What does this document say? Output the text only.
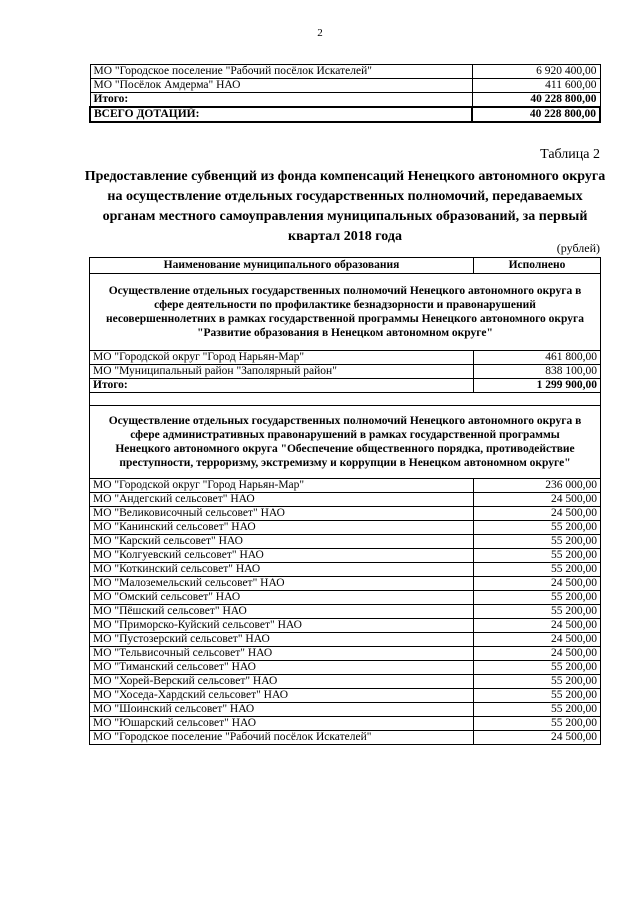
2
МО "Городское поселение "Рабочий посёлок Искателей"	6 920 400,00
МО "Посёлок Амдерма" НАО	411 600,00
Итого:	40 228 800,00
ВСЕГО ДОТАЦИЙ:	40 228 800,00
Таблица 2
Предоставление субвенций из фонда компенсаций Ненецкого автономного округа на осуществление отдельных государственных полномочий, передаваемых органам местного самоуправления муниципальных образований, за первый квартал 2018 года
(рублей)
Наименование муниципального образования	Исполнено
Осуществление отдельных государственных полномочий Ненецкого автономного округа в сфере деятельности по профилактике безнадзорности и правонарушений несовершеннолетних в рамках государственной программы Ненецкого автономного округа "Развитие образования в Ненецком автономном округе"	
МО "Городской округ "Город Нарьян-Мар"	461 800,00
МО "Муниципальный район "Заполярный район"	838 100,00
Итого:	1 299 900,00

Осуществление отдельных государственных полномочий Ненецкого автономного округа в сфере административных правонарушений в рамках государственной программы Ненецкого автономного округа "Обеспечение общественного порядка, противодействие преступности, терроризму, экстремизму и коррупции в Ненецком автономном округе"	
МО "Городской округ "Город Нарьян-Мар"	236 000,00
МО "Андегский сельсовет" НАО	24 500,00
МО "Великовисочный сельсовет" НАО	24 500,00
МО "Канинский сельсовет" НАО	55 200,00
МО "Карский сельсовет" НАО	55 200,00
МО "Колгуевский сельсовет" НАО	55 200,00
МО "Коткинский сельсовет" НАО	55 200,00
МО "Малоземельский сельсовет" НАО	24 500,00
МО "Омский сельсовет" НАО	55 200,00
МО "Пёшский сельсовет" НАО	55 200,00
МО "Приморско-Куйский сельсовет" НАО	24 500,00
МО "Пустозерский сельсовет" НАО	24 500,00
МО "Тельвисочный сельсовет" НАО	24 500,00
МО "Тиманский сельсовет" НАО	55 200,00
МО "Хорей-Верский сельсовет" НАО	55 200,00
МО "Хоседа-Хардский сельсовет" НАО	55 200,00
МО "Шоинский сельсовет" НАО	55 200,00
МО "Юшарский сельсовет" НАО	55 200,00
МО "Городское поселение "Рабочий посёлок Искателей"	24 500,00
